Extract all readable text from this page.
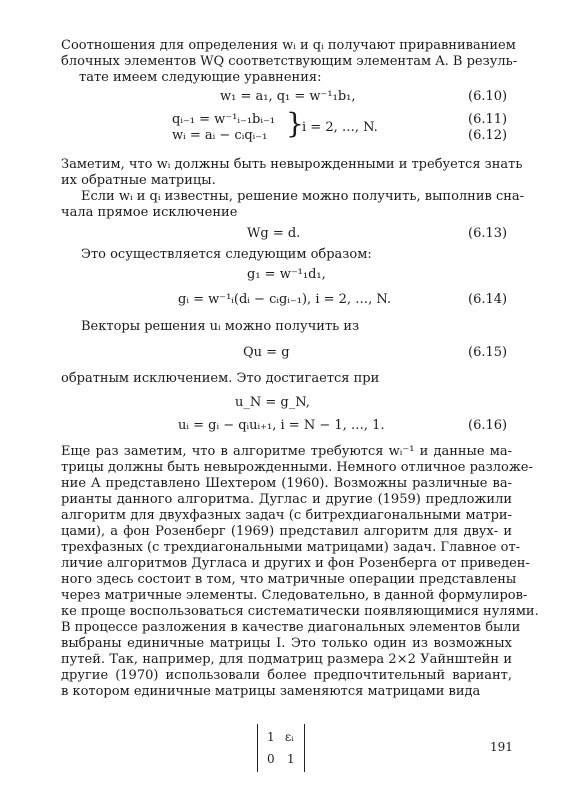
Соотношения для определения wᵢ и qᵢ получают приравниванием
блочных элементов WQ соответствующим элементам A. В резуль-
тате имеем следующие уравнения:
w₁ = a₁, q₁ = w⁻¹₁b₁,	(6.10)
qᵢ₋₁ = w⁻¹ᵢ₋₁bᵢ₋₁	(6.11)
wᵢ = aᵢ − cᵢqᵢ₋₁	(6.12)
}
i = 2, …, N.
Заметим, что wᵢ должны быть невырожденными и требуется знать
их обратные матрицы.
Если wᵢ и qᵢ известны, решение можно получить, выполнив сна-
чала прямое исключение
Wg = d.	(6.13)
Это осуществляется следующим образом:
g₁ = w⁻¹₁d₁,
gᵢ = w⁻¹ᵢ(dᵢ − cᵢgᵢ₋₁), i = 2, …, N.	(6.14)
Векторы решения uᵢ можно получить из
Qu = g	(6.15)
обратным исключением. Это достигается при
u_N = g_N,
uᵢ = gᵢ − qᵢuᵢ₊₁, i = N − 1, …, 1.	(6.16)
Еще раз заметим, что в алгоритме требуются wᵢ⁻¹ и данные ма-
трицы должны быть невырожденными. Немного отличное разложе-
ние A представлено Шехтером (1960). Возможны различные ва-
рианты данного алгоритма. Дуглас и другие (1959) предложили
алгоритм для двухфазных задач (с битрехдиагональными матри-
цами), а фон Розенберг (1969) представил алгоритм для двух- и
трехфазных (с трехдиагональными матрицами) задач. Главное от-
личие алгоритмов Дугласа и других и фон Розенберга от приведен-
ного здесь состоит в том, что матричные операции представлены
через матричные элементы. Следовательно, в данной формулиров-
ке проще воспользоваться систематически появляющимися нулями.
В процессе разложения в качестве диагональных элементов были
выбраны единичные матрицы I. Это только один из возможных
путей. Так, например, для подматриц размера 2×2 Уайнштейн и
другие (1970) использовали более предпочтительный вариант,
в котором единичные матрицы заменяются матрицами вида
1 εᵢ
0 1
191
